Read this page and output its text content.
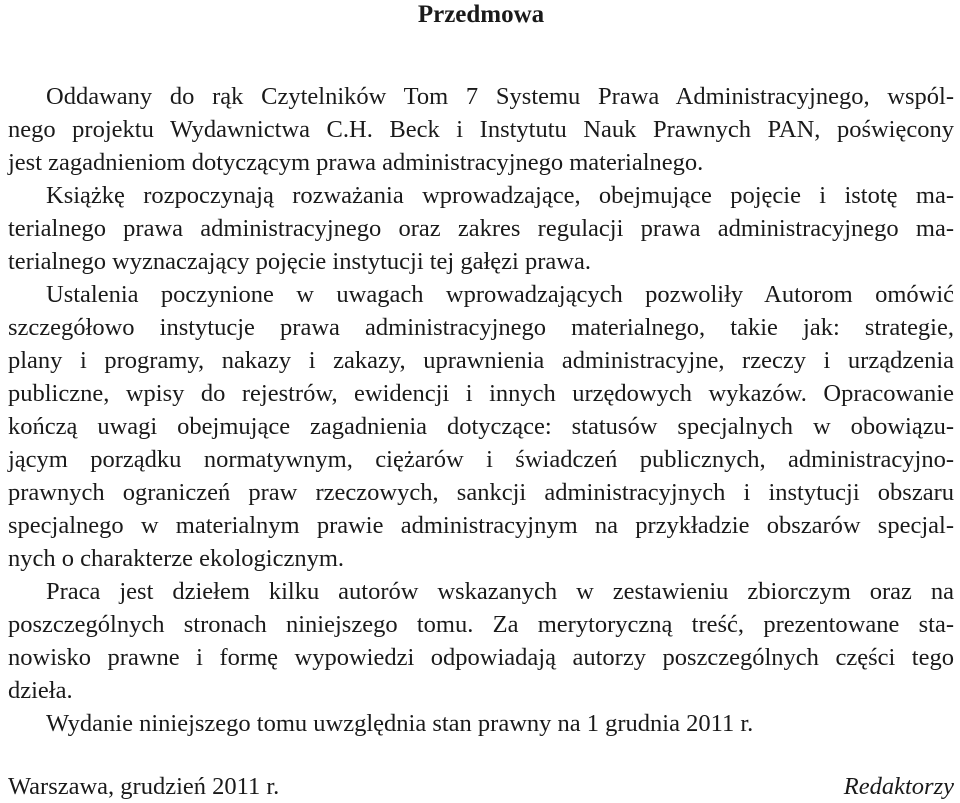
Przedmowa
Oddawany do rąk Czytelników Tom 7 Systemu Prawa Administracyjnego, wspól-
nego projektu Wydawnictwa C.H. Beck i Instytutu Nauk Prawnych PAN, poświęcony
jest zagadnieniom dotyczącym prawa administracyjnego materialnego.
Książkę rozpoczynają rozważania wprowadzające, obejmujące pojęcie i istotę ma-
terialnego prawa administracyjnego oraz zakres regulacji prawa administracyjnego ma-
terialnego wyznaczający pojęcie instytucji tej gałęzi prawa.
Ustalenia poczynione w uwagach wprowadzających pozwoliły Autorom omówić
szczegółowo instytucje prawa administracyjnego materialnego, takie jak: strategie,
plany i programy, nakazy i zakazy, uprawnienia administracyjne, rzeczy i urządzenia
publiczne, wpisy do rejestrów, ewidencji i innych urzędowych wykazów. Opracowanie
kończą uwagi obejmujące zagadnienia dotyczące: statusów specjalnych w obowiązu-
jącym porządku normatywnym, ciężarów i świadczeń publicznych, administracyjno-
prawnych ograniczeń praw rzeczowych, sankcji administracyjnych i instytucji obszaru
specjalnego w materialnym prawie administracyjnym na przykładzie obszarów specjal-
nych o charakterze ekologicznym.
Praca jest dziełem kilku autorów wskazanych w zestawieniu zbiorczym oraz na
poszczególnych stronach niniejszego tomu. Za merytoryczną treść, prezentowane sta-
nowisko prawne i formę wypowiedzi odpowiadają autorzy poszczególnych części tego
dzieła.
Wydanie niniejszego tomu uwzględnia stan prawny na 1 grudnia 2011 r.
Warszawa, grudzień 2011 r.	Redaktorzy
